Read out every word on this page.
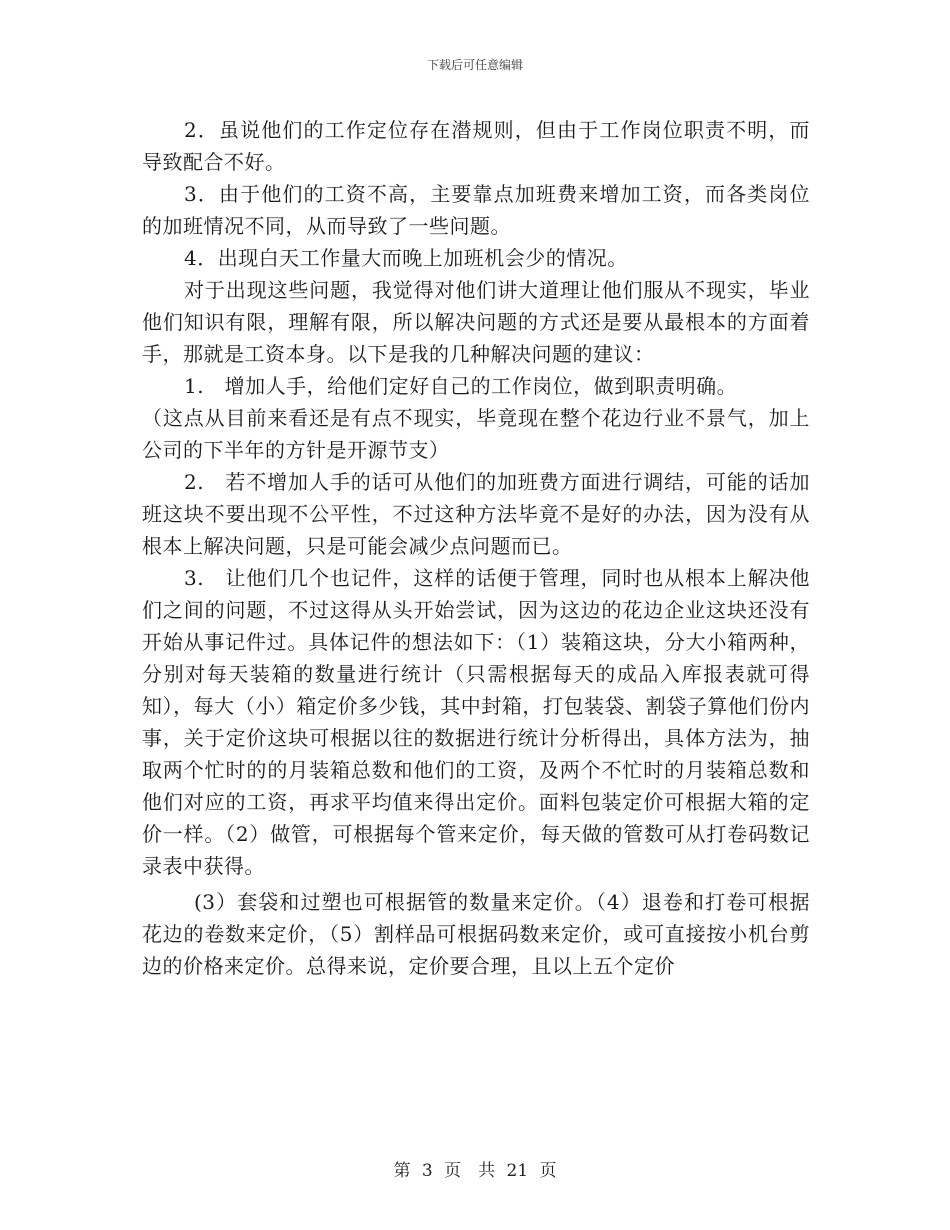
下载后可任意编辑

2．虽说他们的工作定位存在潜规则，但由于工作岗位职责不明，而导致配合不好。

3．由于他们的工资不高，主要靠点加班费来增加工资，而各类岗位的加班情况不同，从而导致了一些问题。

4．出现白天工作量大而晚上加班机会少的情况。

对于出现这些问题，我觉得对他们讲大道理让他们服从不现实，毕业他们知识有限，理解有限，所以解决问题的方式还是要从最根本的方面着手，那就是工资本身。以下是我的几种解决问题的建议：

1.　增加人手，给他们定好自己的工作岗位，做到职责明确。

（这点从目前来看还是有点不现实，毕竟现在整个花边行业不景气，加上公司的下半年的方针是开源节支）

2.　若不增加人手的话可从他们的加班费方面进行调结，可能的话加班这块不要出现不公平性，不过这种方法毕竟不是好的办法，因为没有从根本上解决问题，只是可能会减少点问题而已。

3.　让他们几个也记件，这样的话便于管理，同时也从根本上解决他们之间的问题，不过这得从头开始尝试，因为这边的花边企业这块还没有开始从事记件过。具体记件的想法如下：（1）装箱这块，分大小箱两种，分别对每天装箱的数量进行统计（只需根据每天的成品入库报表就可得知），每大（小）箱定价多少钱，其中封箱，打包装袋、割袋子算他们份内事，关于定价这块可根据以往的数据进行统计分析得出，具体方法为，抽取两个忙时的的月装箱总数和他们的工资，及两个不忙时的月装箱总数和他们对应的工资，再求平均值来得出定价。面料包装定价可根据大箱的定价一样。（2）做管，可根据每个管来定价，每天做的管数可从打卷码数记录表中获得。

(3）套袋和过塑也可根据管的数量来定价。（4）退卷和打卷可根据花边的卷数来定价，（5）割样品可根据码数来定价，或可直接按小机台剪边的价格来定价。总得来说，定价要合理，且以上五个定价

第 3 页　共 21 页
